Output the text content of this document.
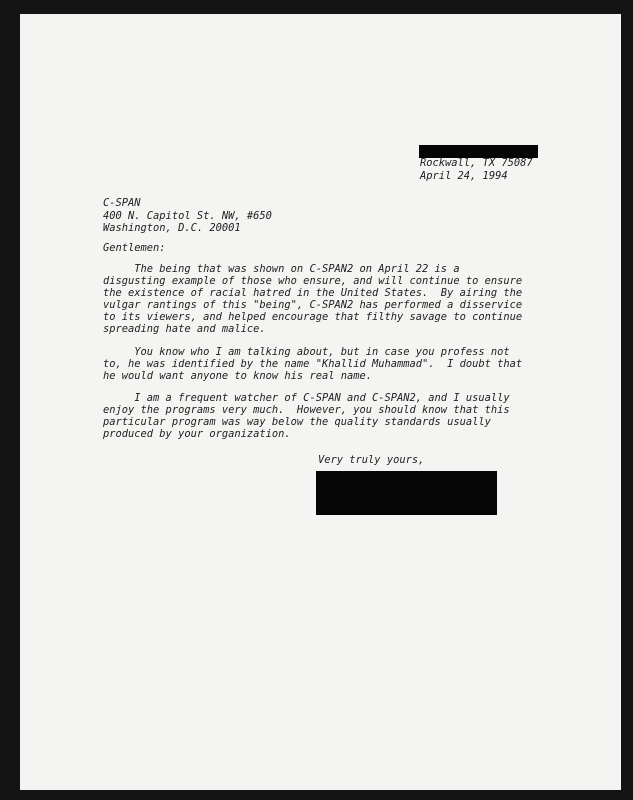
Rockwall, TX 75087

April 24, 1994

C-SPAN

400 N. Capitol St. NW, #650

Washington, D.C. 20001

Gentlemen:

The being that was shown on C-SPAN2 on April 22 is a

disgusting example of those who ensure, and will continue to ensure

the existence of racial hatred in the United States.  By airing the

vulgar rantings of this "being", C-SPAN2 has performed a disservice

to its viewers, and helped encourage that filthy savage to continue

spreading hate and malice.

You know who I am talking about, but in case you profess not

to, he was identified by the name "Khallid Muhammad".  I doubt that

he would want anyone to know his real name.

I am a frequent watcher of C-SPAN and C-SPAN2, and I usually

enjoy the programs very much.  However, you should know that this

particular program was way below the quality standards usually

produced by your organization.

Very truly yours,
